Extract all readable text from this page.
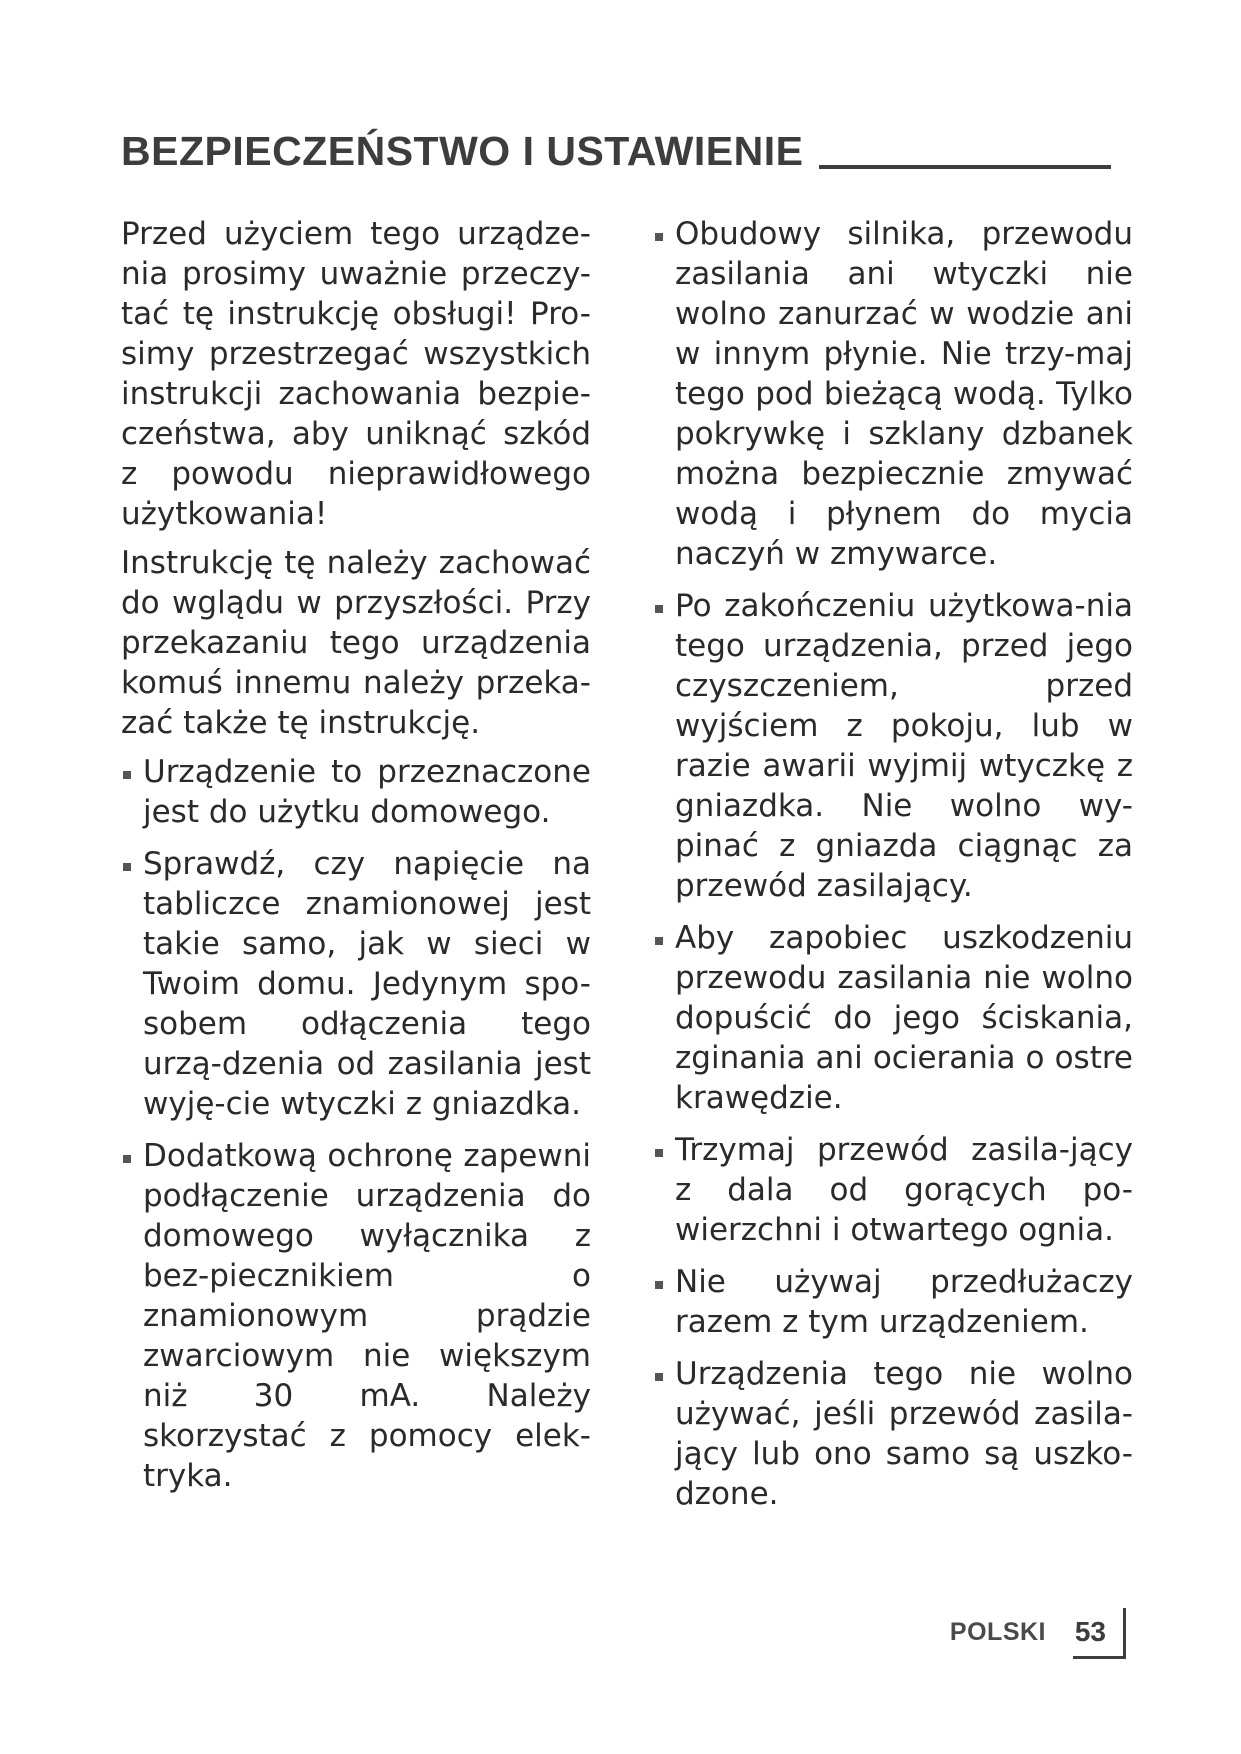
BEZPIECZEŃSTWO I USTAWIENIE

Przed użyciem tego urządze-nia prosimy uważnie przeczy-tać tę instrukcję obsługi! Pro-simy przestrzegać wszystkich instrukcji zachowania bezpie-czeństwa, aby uniknąć szkód z powodu nieprawidłowego użytkowania!

Instrukcję tę należy zachować do wglądu w przyszłości. Przy przekazaniu tego urządzenia komuś innemu należy przeka-zać także tę instrukcję.

Urządzenie to przeznaczone jest do użytku domowego.
Sprawdź, czy napięcie na tabliczce znamionowej jest takie samo, jak w sieci w Twoim domu. Jedynym spo-sobem odłączenia tego urzą-dzenia od zasilania jest wyję-cie wtyczki z gniazdka.
Dodatkową ochronę zapewni podłączenie urządzenia do domowego wyłącznika z bez-piecznikiem o znamionowym prądzie zwarciowym nie większym niż 30 mA. Należy skorzystać z pomocy elek-tryka.
Obudowy silnika, przewodu zasilania ani wtyczki nie wolno zanurzać w wodzie ani w innym płynie. Nie trzy-maj tego pod bieżącą wodą. Tylko pokrywkę i szklany dzbanek można bezpiecznie zmywać wodą i płynem do mycia naczyń w zmywarce.
Po zakończeniu użytkowa-nia tego urządzenia, przed jego czyszczeniem, przed wyjściem z pokoju, lub w razie awarii wyjmij wtyczkę z gniazdka. Nie wolno wy-pinać z gniazda ciągnąc za przewód zasilający.
Aby zapobiec uszkodzeniu przewodu zasilania nie wolno dopuścić do jego ściskania, zginania ani ocierania o ostre krawędzie.
Trzymaj przewód zasila-jący z dala od gorących po-wierzchni i otwartego ognia.
Nie używaj przedłużaczy razem z tym urządzeniem.
Urządzenia tego nie wolno używać, jeśli przewód zasila-jący lub ono samo są uszko-dzone.
POLSKI 53
